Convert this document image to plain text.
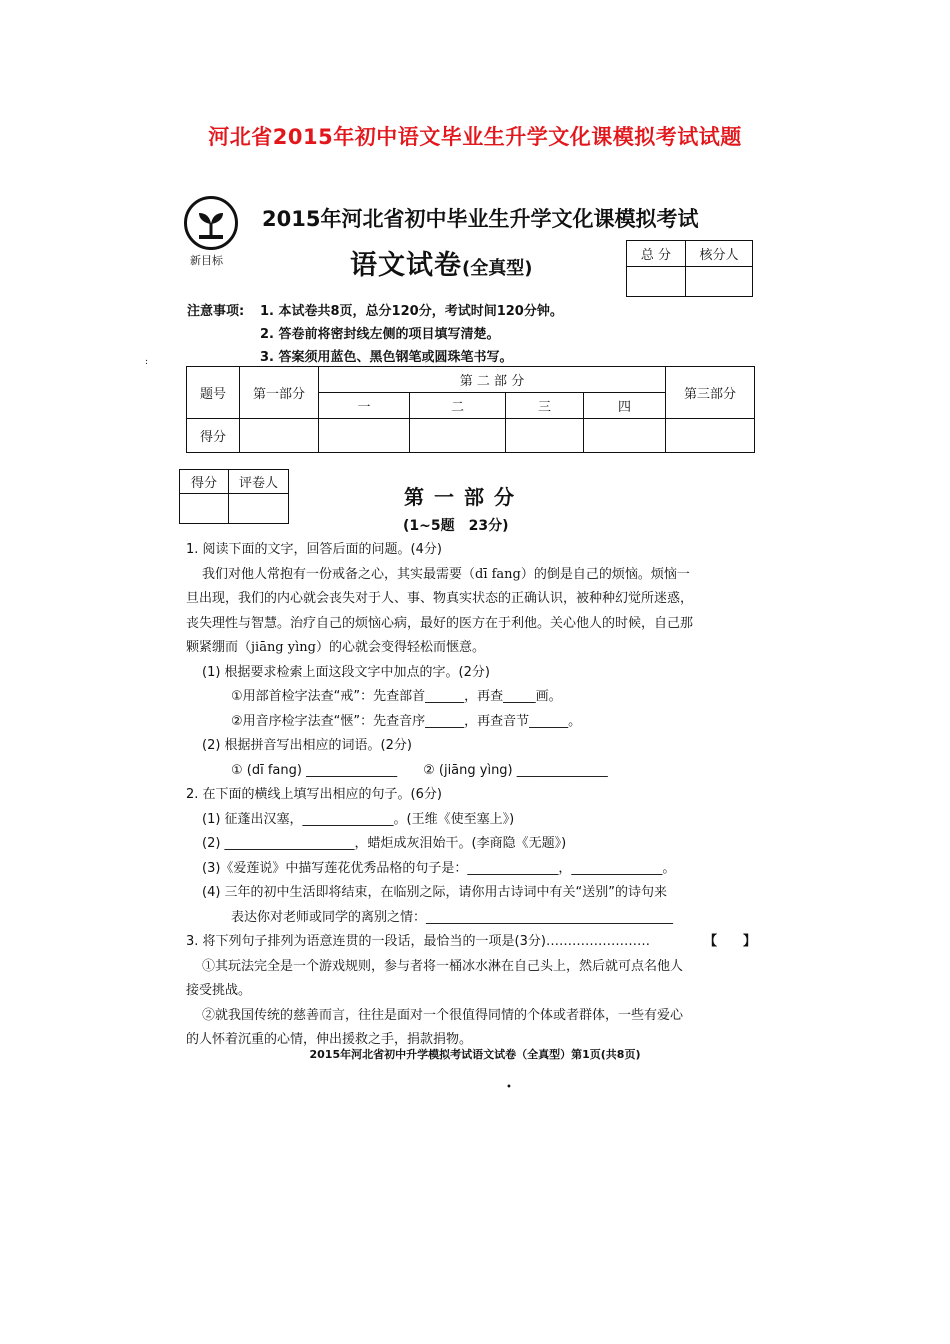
河北省2015年初中语文毕业生升学文化课模拟考试试题
新目标
2015年河北省初中毕业生升学文化课模拟考试
语文试卷(全真型)
总 分	核分人

注意事项: 1. 本试卷共8页，总分120分，考试时间120分钟。
2. 答卷前将密封线左侧的项目填写清楚。
3. 答案须用蓝色、黑色钢笔或圆珠笔书写。
:
题号	第一部分	第 二 部 分				第三部分
		一	二	三	四	
得分						
得分	评卷人

第一部分
(1~5题　23分)
1. 阅读下面的文字，回答后面的问题。(4分)
我们对他人常抱有一份戒备之心，其实最需要（dī fang）的倒是自己的烦恼。烦恼一
旦出现，我们的内心就会丧失对于人、事、物真实状态的正确认识，被种种幻觉所迷惑，
丧失理性与智慧。治疗自己的烦恼心病，最好的医方在于利他。关心他人的时候，自己那
颗紧绷而（jiāng yìng）的心就会变得轻松而惬意。
(1) 根据要求检索上面这段文字中加点的字。(2分)
①用部首检字法查“戒”：先查部首______，再查_____画。
②用音序检字法查“惬”：先查音序______，再查音节______。
(2) 根据拼音写出相应的词语。(2分)
① (dī fang) ______________　　② (jiāng yìng) ______________
2. 在下面的横线上填写出相应的句子。(6分)
(1) 征蓬出汉塞，______________。(王维《使至塞上》)
(2) ____________________，蜡炬成灰泪始干。(李商隐《无题》)
(3)《爱莲说》中描写莲花优秀品格的句子是：______________，______________。
(4) 三年的初中生活即将结束，在临别之际，请你用古诗词中有关“送别”的诗句来
表达你对老师或同学的离别之情：______________________________________
3. 将下列句子排列为语意连贯的一段话，最恰当的一项是(3分)……………………	【　　】
①其玩法完全是一个游戏规则，参与者将一桶冰水淋在自己头上，然后就可点名他人
接受挑战。
②就我国传统的慈善而言，往往是面对一个很值得同情的个体或者群体，一些有爱心
的人怀着沉重的心情，伸出援救之手，捐款捐物。
2015年河北省初中升学模拟考试语文试卷（全真型）第1页(共8页)
•
